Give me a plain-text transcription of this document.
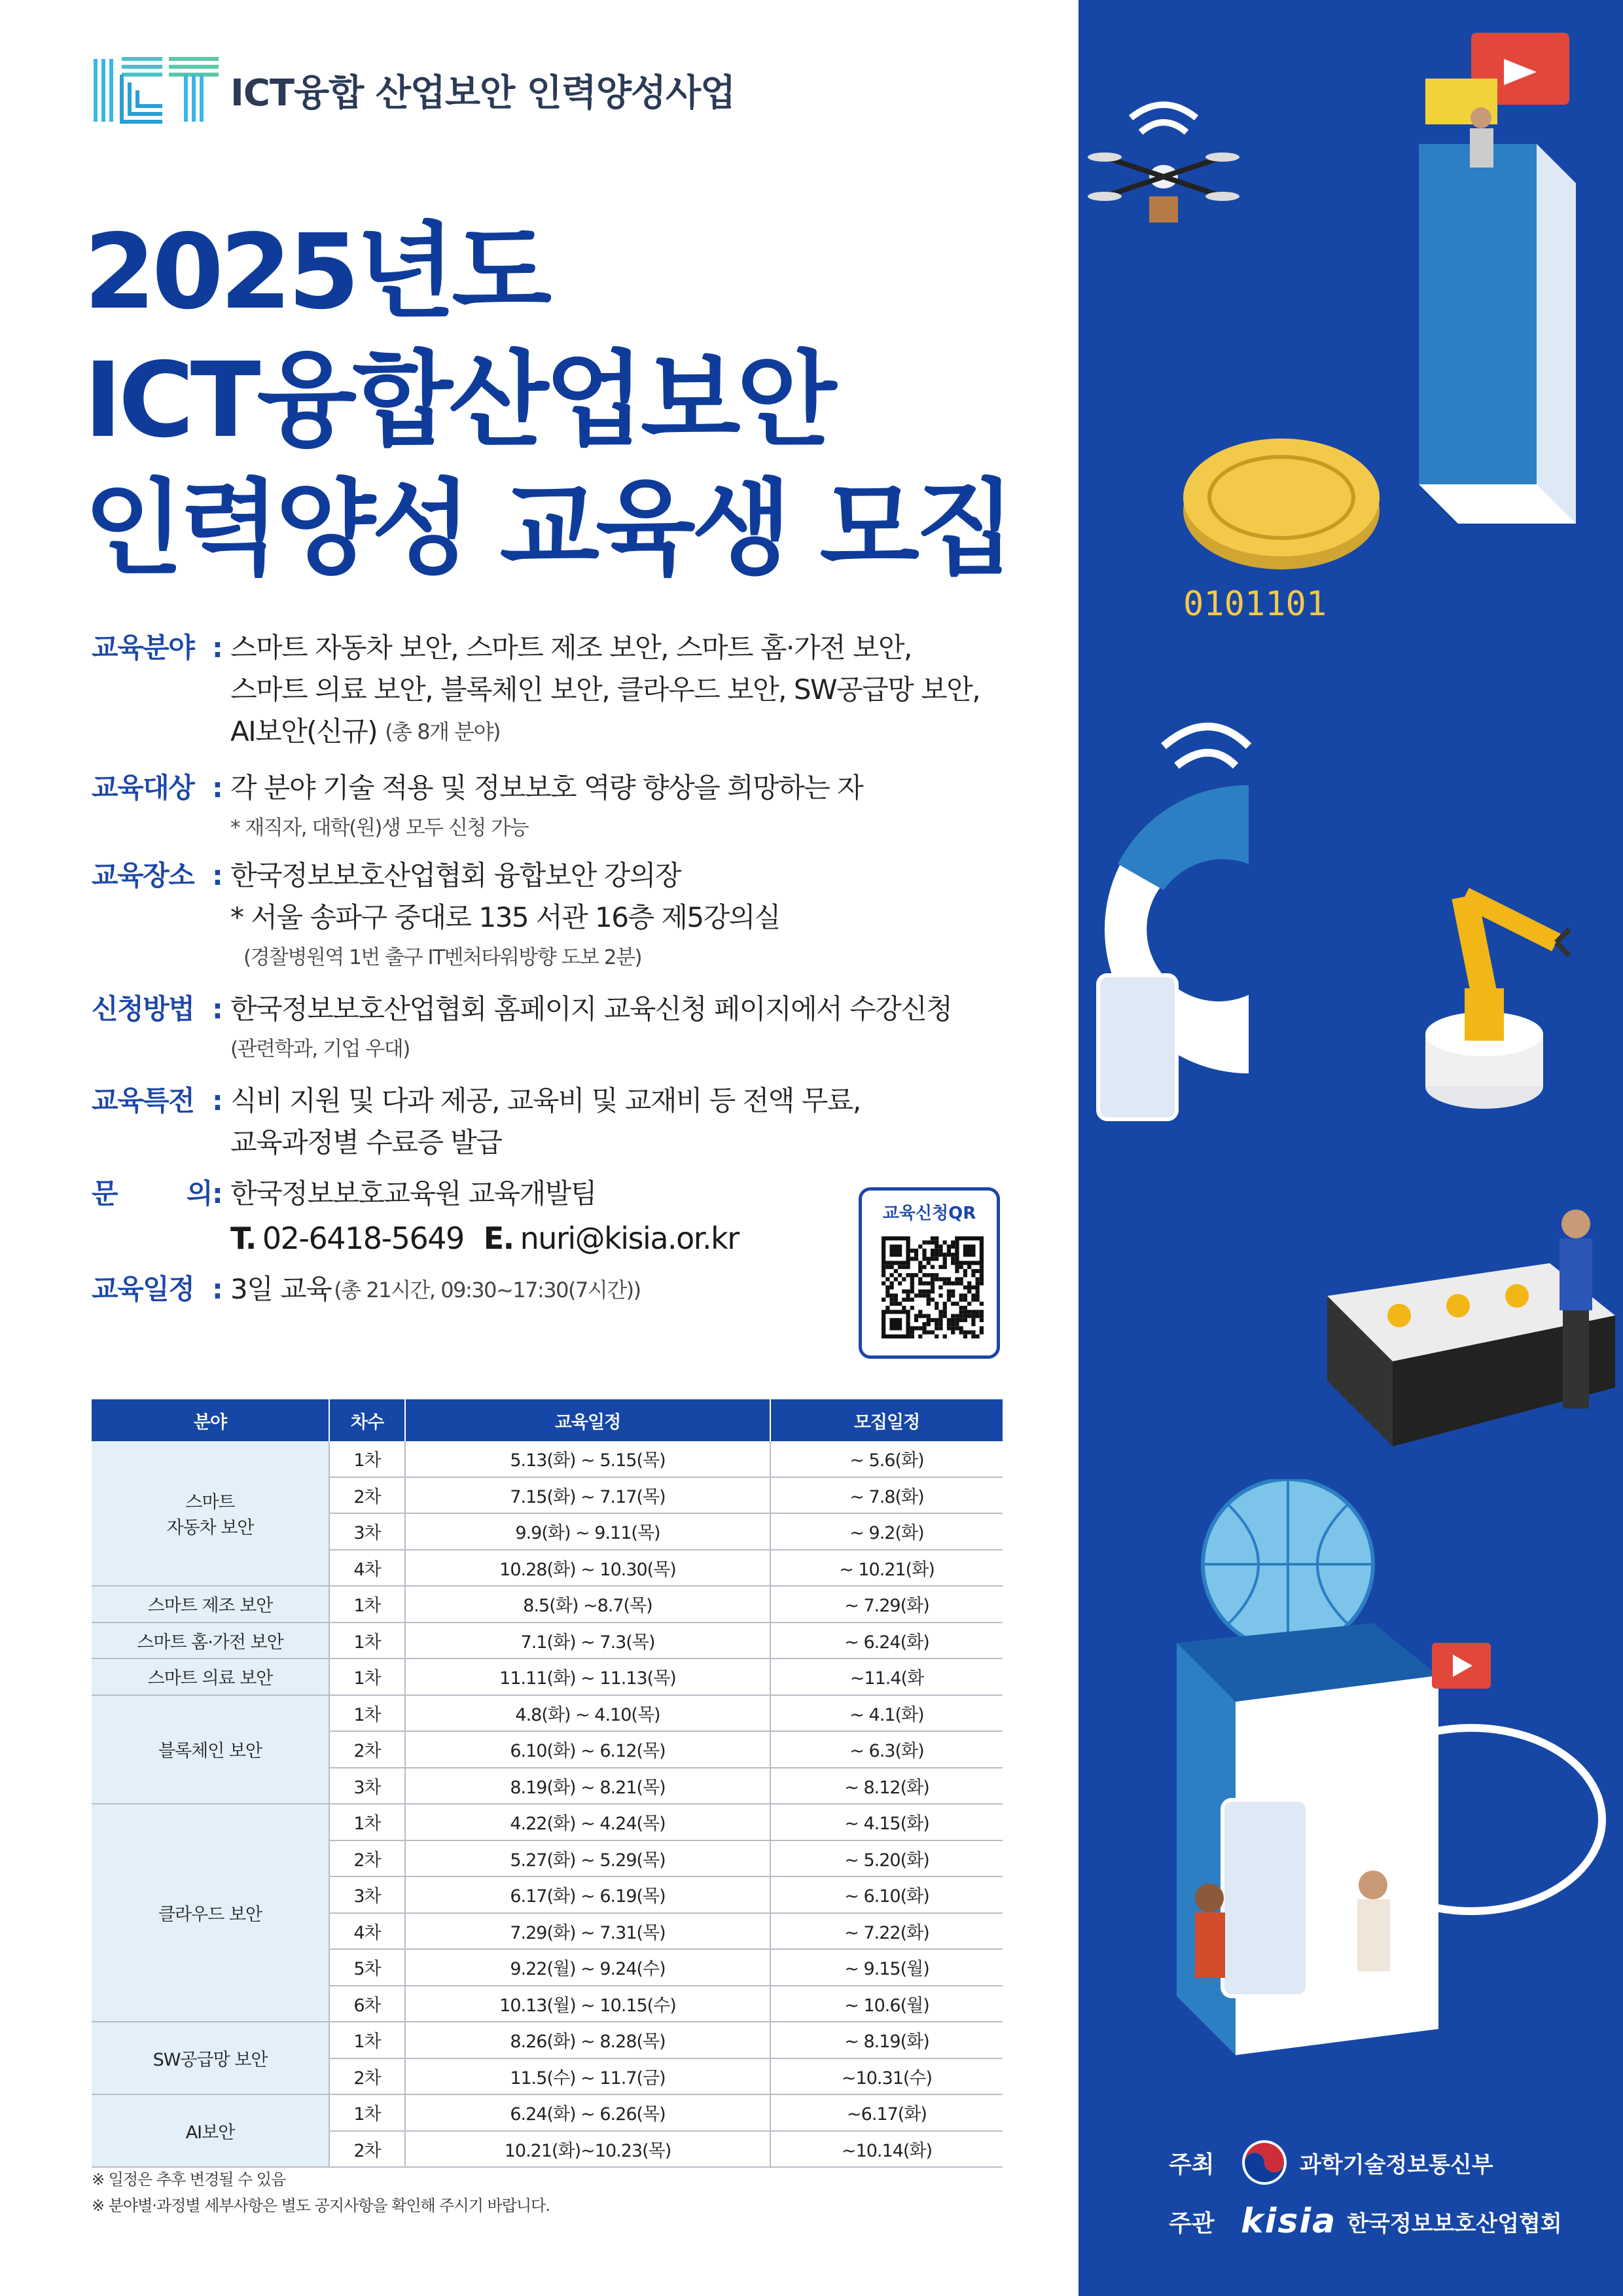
ICT융합 산업보안 인력양성사업
2025년도
ICT융합산업보안
인력양성 교육생 모집
교육분야 : 스마트 자동차 보안, 스마트 제조 보안, 스마트 홈·가전 보안,
스마트 의료 보안, 블록체인 보안, 클라우드 보안, SW공급망 보안,
AI보안(신규) (총 8개 분야)
교육대상 : 각 분야 기술 적용 및 정보보호 역량 향상을 희망하는 자
* 재직자, 대학(원)생 모두 신청 가능
교육장소 : 한국정보보호산업협회 융합보안 강의장
* 서울 송파구 중대로 135 서관 16층 제5강의실
(경찰병원역 1번 출구 IT벤처타워방향 도보 2분)
신청방법 : 한국정보보호산업협회 홈페이지 교육신청 페이지에서 수강신청
(관련학과, 기업 우대)
교육특전 : 식비 지원 및 다과 제공, 교육비 및 교재비 등 전액 무료,
교육과정별 수료증 발급
문	의 : 한국정보보호교육원 교육개발팀
T. 02-6418-5649 E. nuri@kisia.or.kr
교육일정 : 3일 교육 (총 21시간, 09:30~17:30(7시간))
교육신청QR
분야	차수	교육일정	모집일정

스마트
자동차 보안	1차	5.13(화) ~ 5.15(목)	~ 5.6(화)
	2차	7.15(화) ~ 7.17(목)	~ 7.8(화)
	3차	9.9(화) ~ 9.11(목)	~ 9.2(화)
	4차	10.28(화) ~ 10.30(목)	~ 10.21(화)

스마트 제조 보안	1차	8.5(화) ~8.7(목)	~ 7.29(화)

스마트 홈·가전 보안	1차	7.1(화) ~ 7.3(목)	~ 6.24(화)

스마트 의료 보안	1차	11.11(화) ~ 11.13(목)	~11.4(화

블록체인 보안	1차	4.8(화) ~ 4.10(목)	~ 4.1(화)
	2차	6.10(화) ~ 6.12(목)	~ 6.3(화)
	3차	8.19(화) ~ 8.21(목)	~ 8.12(화)

클라우드 보안	1차	4.22(화) ~ 4.24(목)	~ 4.15(화)
	2차	5.27(화) ~ 5.29(목)	~ 5.20(화)
	3차	6.17(화) ~ 6.19(목)	~ 6.10(화)
	4차	7.29(화) ~ 7.31(목)	~ 7.22(화)
	5차	9.22(월) ~ 9.24(수)	~ 9.15(월)
	6차	10.13(월) ~ 10.15(수)	~ 10.6(월)

SW공급망 보안	1차	8.26(화) ~ 8.28(목)	~ 8.19(화)
	2차	11.5(수) ~ 11.7(금)	~10.31(수)

AI보안	1차	6.24(화) ~ 6.26(목)	~6.17(화)
	2차	10.21(화)~10.23(목)	~10.14(화)
※ 일정은 추후 변경될 수 있음
※ 분야별·과정별 세부사항은 별도 공지사항을 확인해 주시기 바랍니다.
0101101
주최	과학기술정보통신부
주관 kisia 한국정보보호산업협회
